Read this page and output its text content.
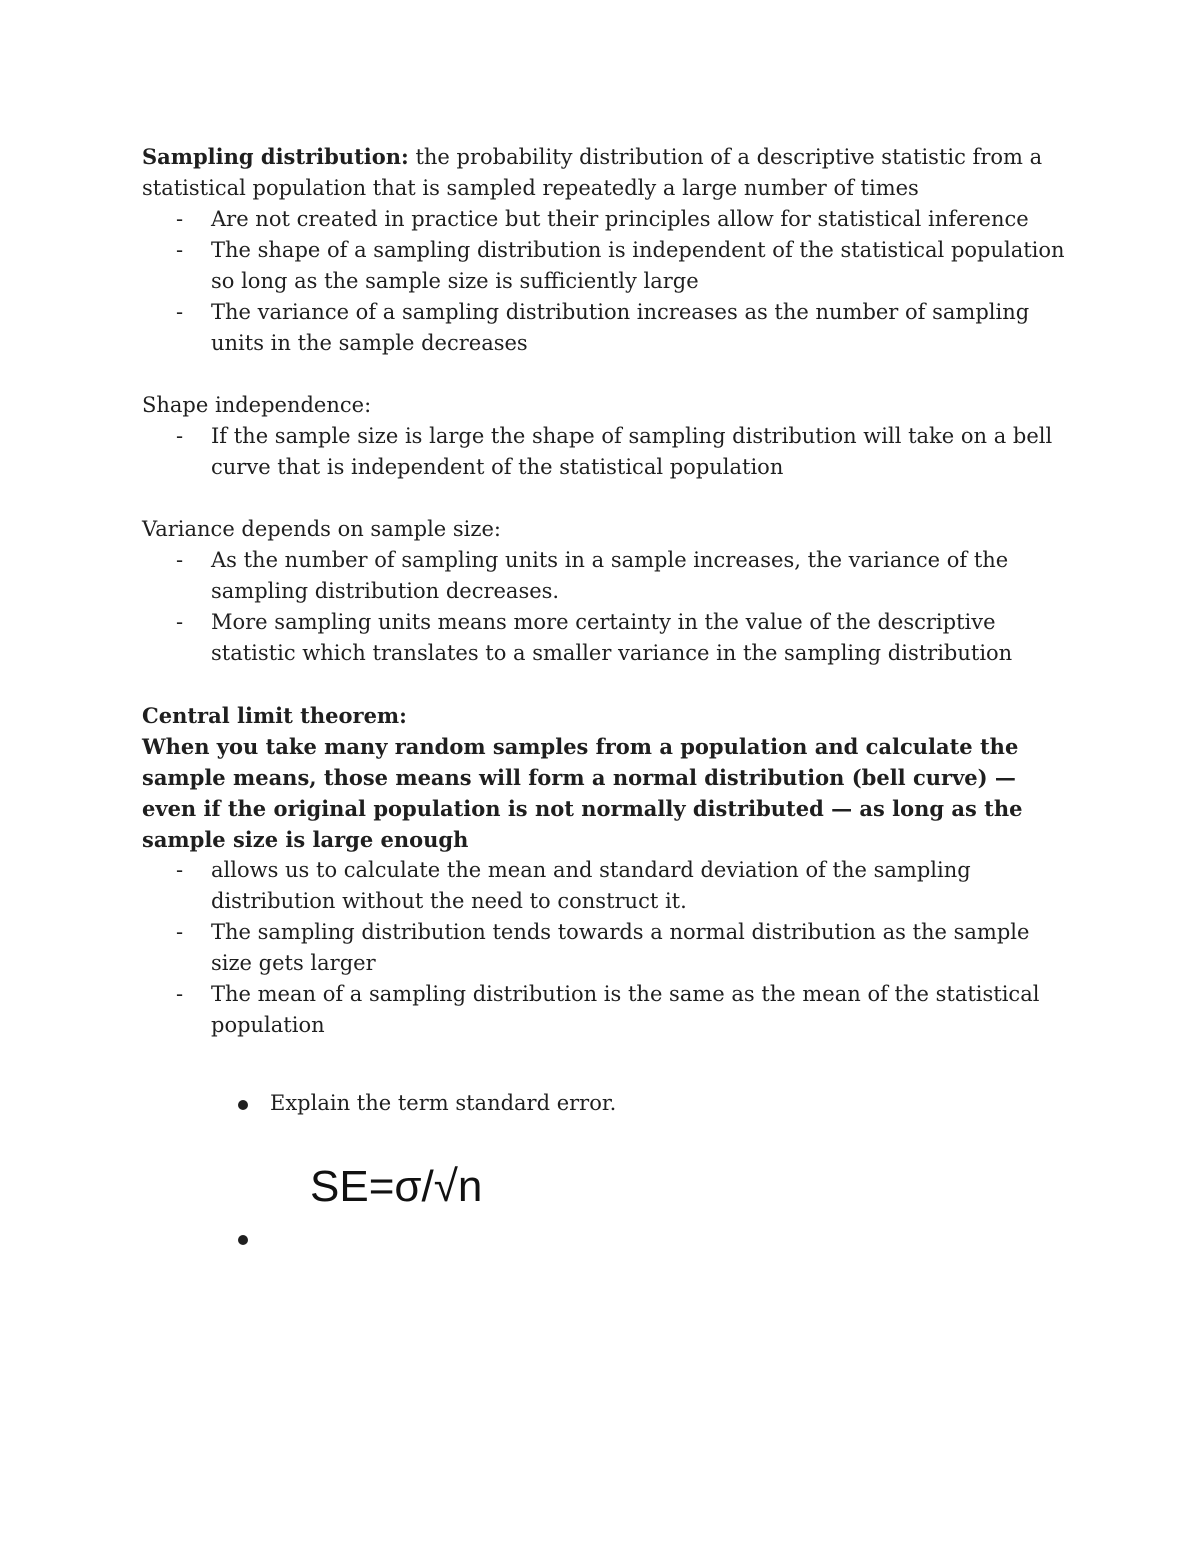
Sampling distribution: the probability distribution of a descriptive statistic from a statistical population that is sampled repeatedly a large number of times

- Are not created in practice but their principles allow for statistical inference
- The shape of a sampling distribution is independent of the statistical population so long as the sample size is sufficiently large
- The variance of a sampling distribution increases as the number of sampling units in the sample decreases

Shape independence:

- If the sample size is large the shape of sampling distribution will take on a bell curve that is independent of the statistical population

Variance depends on sample size:

- As the number of sampling units in a sample increases, the variance of the sampling distribution decreases.
- More sampling units means more certainty in the value of the descriptive statistic which translates to a smaller variance in the sampling distribution

Central limit theorem:

When you take many random samples from a population and calculate the sample means, those means will form a normal distribution (bell curve) — even if the original population is not normally distributed — as long as the sample size is large enough

- allows us to calculate the mean and standard deviation of the sampling distribution without the need to construct it.
- The sampling distribution tends towards a normal distribution as the sample size gets larger
- The mean of a sampling distribution is the same as the mean of the statistical population
Explain the term standard error.
SE=σ/√n
